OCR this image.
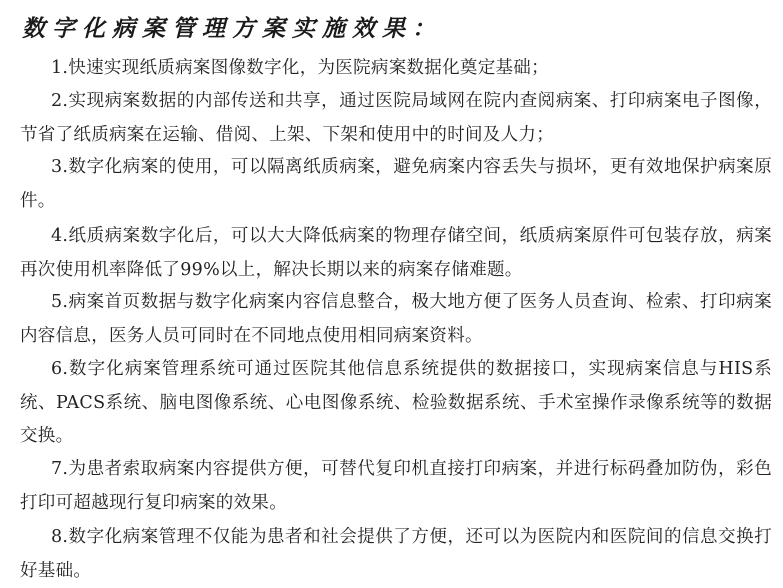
数字化病案管理方案实施效果：

1.快速实现纸质病案图像数字化，为医院病案数据化奠定基础；

2.实现病案数据的内部传送和共享，通过医院局域网在院内查阅病案、打印病案电子图像，节省了纸质病案在运输、借阅、上架、下架和使用中的时间及人力；

3.数字化病案的使用，可以隔离纸质病案，避免病案内容丢失与损坏，更有效地保护病案原件。

4.纸质病案数字化后，可以大大降低病案的物理存储空间，纸质病案原件可包装存放，病案再次使用机率降低了99%以上，解决长期以来的病案存储难题。

5.病案首页数据与数字化病案内容信息整合，极大地方便了医务人员查询、检索、打印病案内容信息，医务人员可同时在不同地点使用相同病案资料。

6.数字化病案管理系统可通过医院其他信息系统提供的数据接口，实现病案信息与HIS系统、PACS系统、脑电图像系统、心电图像系统、检验数据系统、手术室操作录像系统等的数据交换。

7.为患者索取病案内容提供方便，可替代复印机直接打印病案，并进行标码叠加防伪，彩色打印可超越现行复印病案的效果。

8.数字化病案管理不仅能为患者和社会提供了方便，还可以为医院内和医院间的信息交换打好基础。
